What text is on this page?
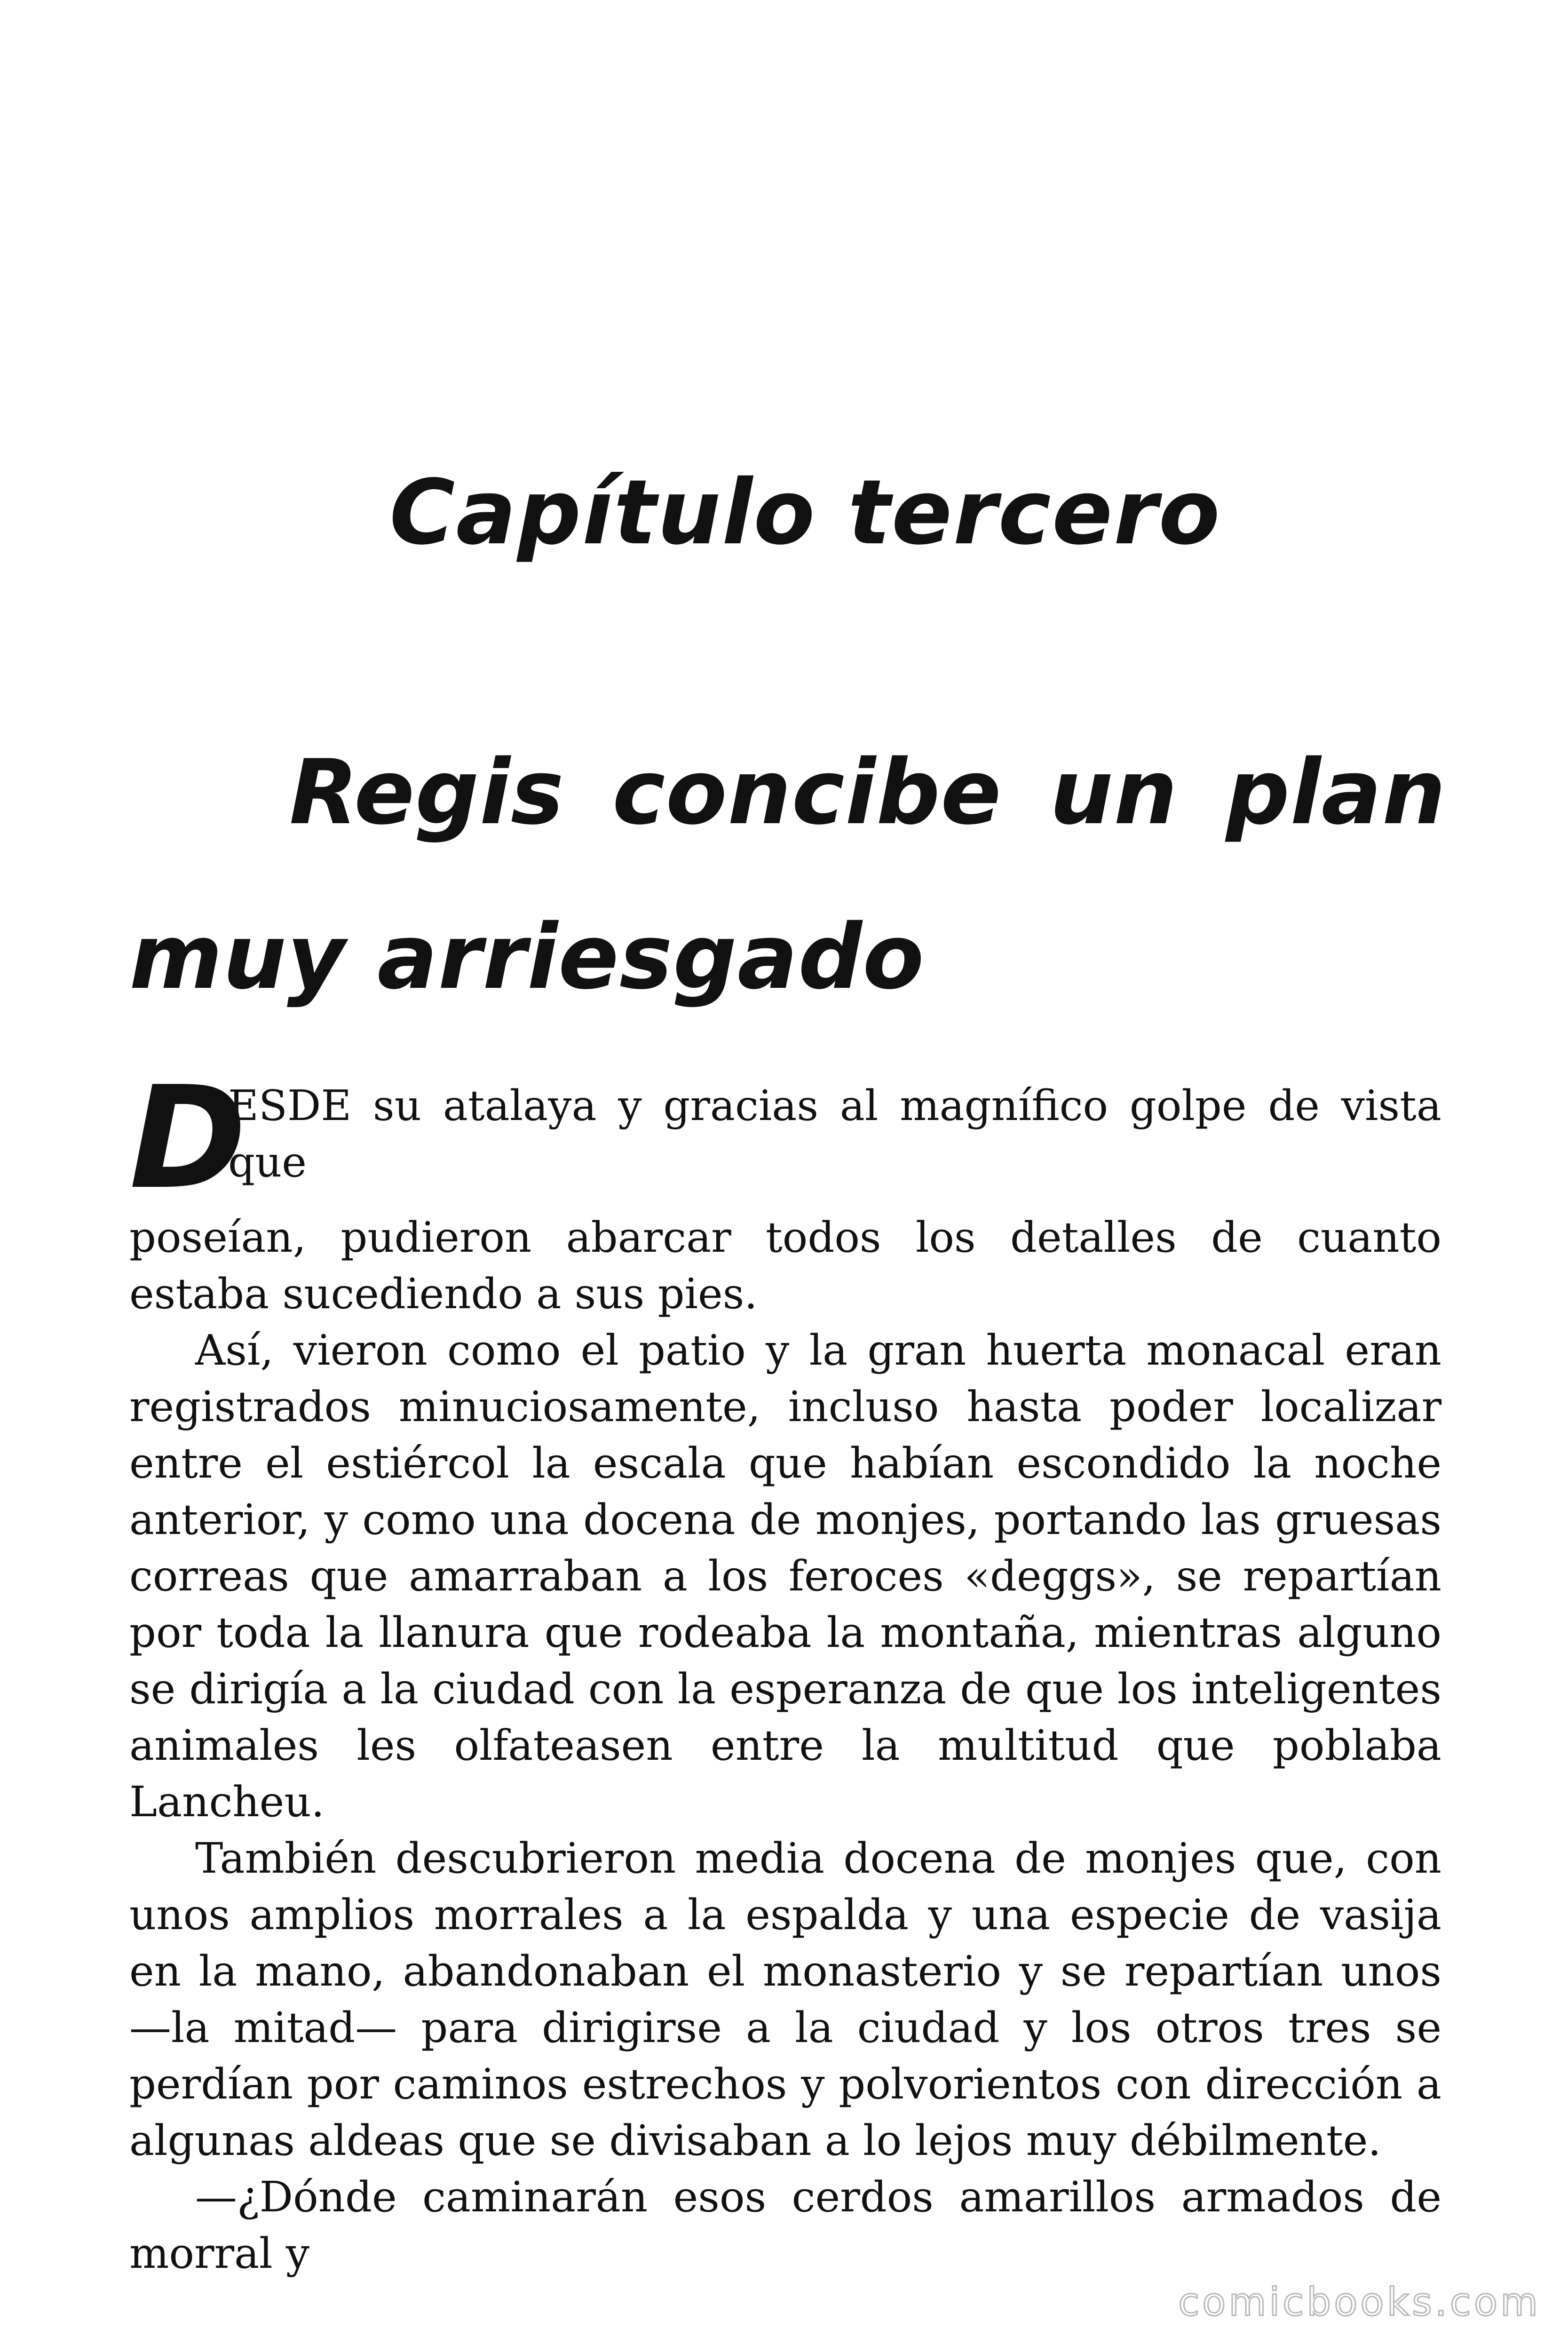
Capítulo tercero
Regis concibe un plan muy arriesgado
D
ESDE su atalaya y gracias al magnífico golpe de vista que

poseían, pudieron abarcar todos los detalles de cuanto estaba sucediendo a sus pies.

Así, vieron como el patio y la gran huerta monacal eran registrados minuciosamente, incluso hasta poder localizar entre el estiércol la escala que habían escondido la noche anterior, y como una docena de monjes, portando las gruesas correas que amarraban a los feroces «deggs», se repartían por toda la llanura que rodeaba la montaña, mientras alguno se dirigía a la ciudad con la esperanza de que los inteligentes animales les olfateasen entre la multitud que poblaba Lancheu.

También descubrieron media docena de monjes que, con unos amplios morrales a la espalda y una especie de vasija en la mano, abandonaban el monasterio y se repartían unos —la mitad— para dirigirse a la ciudad y los otros tres se perdían por caminos estrechos y polvorientos con dirección a algunas aldeas que se divisaban a lo lejos muy débilmente.

—¿Dónde caminarán esos cerdos amarillos armados de morral y

comicbooks.com
